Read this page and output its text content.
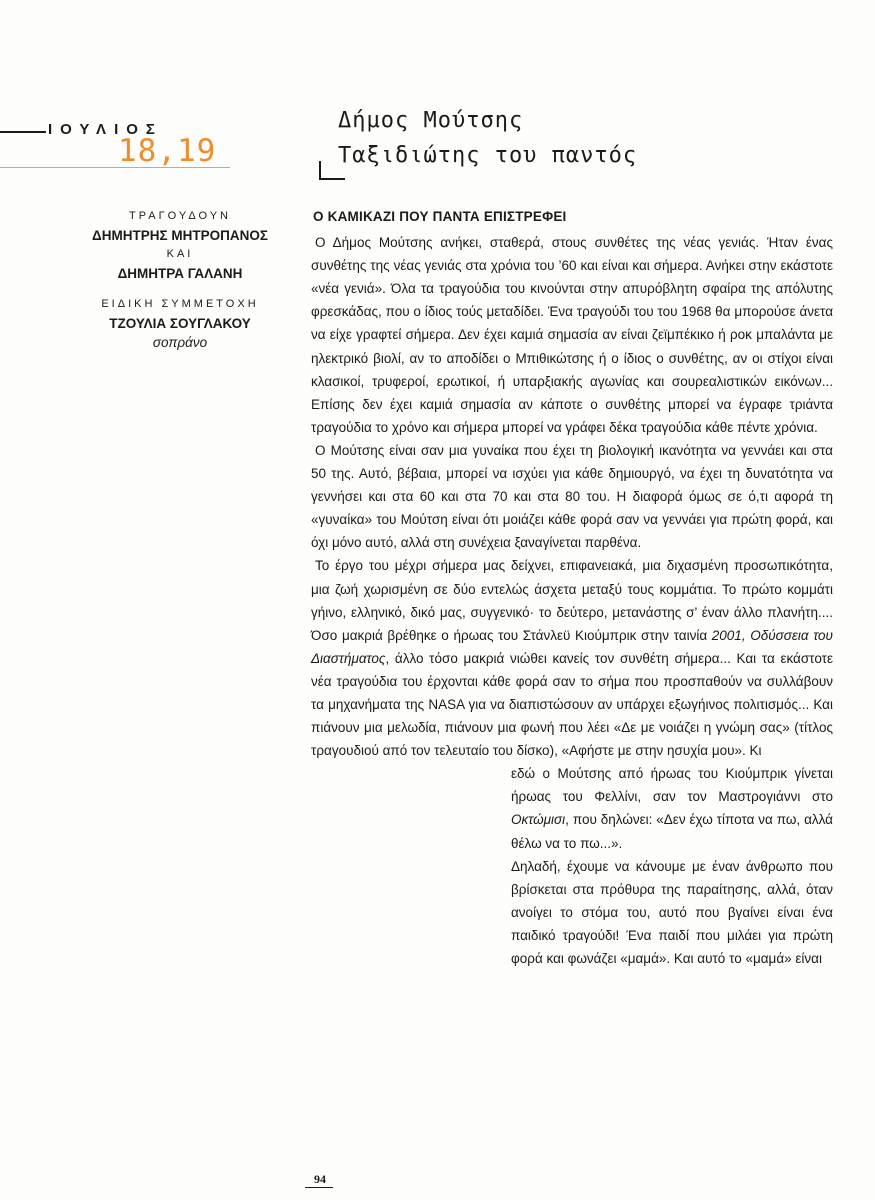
ΙΟΥΛΙΟΣ
18,19
Δήμος Μούτσης
Ταξιδιώτης του παντός
ΤΡΑΓΟΥΔΟΥΝ
ΔΗΜΗΤΡΗΣ ΜΗΤΡΟΠΑΝΟΣ
ΚΑΙ
ΔΗΜΗΤΡΑ ΓΑΛΑΝΗ
ΕΙΔΙΚΗ ΣΥΜΜΕΤΟΧΗ
ΤΖΟΥΛΙΑ ΣΟΥΓΛΑΚΟΥ
σοπράνο
Ο ΚΑΜΙΚΑΖΙ ΠΟΥ ΠΑΝΤΑ ΕΠΙΣΤΡΕΦΕΙ

Ο Δήμος Μούτσης ανήκει, σταθερά, στους συνθέτες της νέας γενιάς. Ήταν ένας συνθέτης της νέας γενιάς στα χρόνια του ’60 και είναι και σήμερα. Ανήκει στην εκάστοτε «νέα γενιά». Όλα τα τραγούδια του κινούνται στην απυρόβλητη σφαίρα της απόλυτης φρεσκάδας, που ο ίδιος τούς μεταδίδει. Ένα τραγούδι του του 1968 θα μπορούσε άνετα να είχε γραφτεί σήμερα. Δεν έχει καμιά σημασία αν είναι ζεϊμπέκικο ή ροκ μπαλάντα με ηλεκτρικό βιολί, αν το αποδίδει ο Μπιθικώτσης ή ο ίδιος ο συνθέτης, αν οι στίχοι είναι κλασικοί, τρυφεροί, ερωτικοί, ή υπαρξιακής αγωνίας και σουρεαλιστικών εικόνων... Επίσης δεν έχει καμιά σημασία αν κάποτε ο συνθέτης μπορεί να έγραφε τριάντα τραγούδια το χρόνο και σήμερα μπορεί να γράφει δέκα τραγούδια κάθε πέντε χρόνια.

Ο Μούτσης είναι σαν μια γυναίκα που έχει τη βιολογική ικανότητα να γεννάει και στα 50 της. Αυτό, βέβαια, μπορεί να ισχύει για κάθε δημιουργό, να έχει τη δυνατότητα να γεννήσει και στα 60 και στα 70 και στα 80 του. Η διαφορά όμως σε ό,τι αφορά τη «γυναίκα» του Μούτση είναι ότι μοιάζει κάθε φορά σαν να γεννάει για πρώτη φορά, και όχι μόνο αυτό, αλλά στη συνέχεια ξαναγίνεται παρθένα.

Το έργο του μέχρι σήμερα μας δείχνει, επιφανειακά, μια διχασμένη προσωπικότητα, μια ζωή χωρισμένη σε δύο εντελώς άσχετα μεταξύ τους κομμάτια. Το πρώτο κομμάτι γήινο, ελληνικό, δικό μας, συγγενικό· το δεύτερο, μετανάστης σ’ έναν άλλο πλανήτη.... Όσο μακριά βρέθηκε ο ήρωας του Στάνλεϋ Κιούμπρικ στην ταινία 2001, Οδύσσεια του Διαστήματος, άλλο τόσο μακριά νιώθει κανείς τον συνθέτη σήμερα... Και τα εκάστοτε νέα τραγούδια του έρχονται κάθε φορά σαν το σήμα που προσπαθούν να συλλάβουν τα μηχανήματα της NASA για να διαπιστώσουν αν υπάρχει εξωγήινος πολιτισμός... Και πιάνουν μια μελωδία, πιάνουν μια φωνή που λέει «Δε με νοιάζει η γνώμη σας» (τίτλος τραγουδιού από τον τελευταίο του δίσκο), «Αφήστε με στην ησυχία μου». Κι

εδώ ο Μούτσης από ήρωας του Κιούμπρικ γίνεται ήρωας του Φελλίνι, σαν τον Μαστρογιάννι στο Οκτώμισι, που δηλώνει: «Δεν έχω τίποτα να πω, αλλά θέλω να το πω...».

Δηλαδή, έχουμε να κάνουμε με έναν άνθρωπο που βρίσκεται στα πρόθυρα της παραίτησης, αλλά, όταν ανοίγει το στόμα του, αυτό που βγαίνει είναι ένα παιδικό τραγούδι! Ένα παιδί που μιλάει για πρώτη φορά και φωνάζει «μαμά». Και αυτό το «μαμά» είναι

94
